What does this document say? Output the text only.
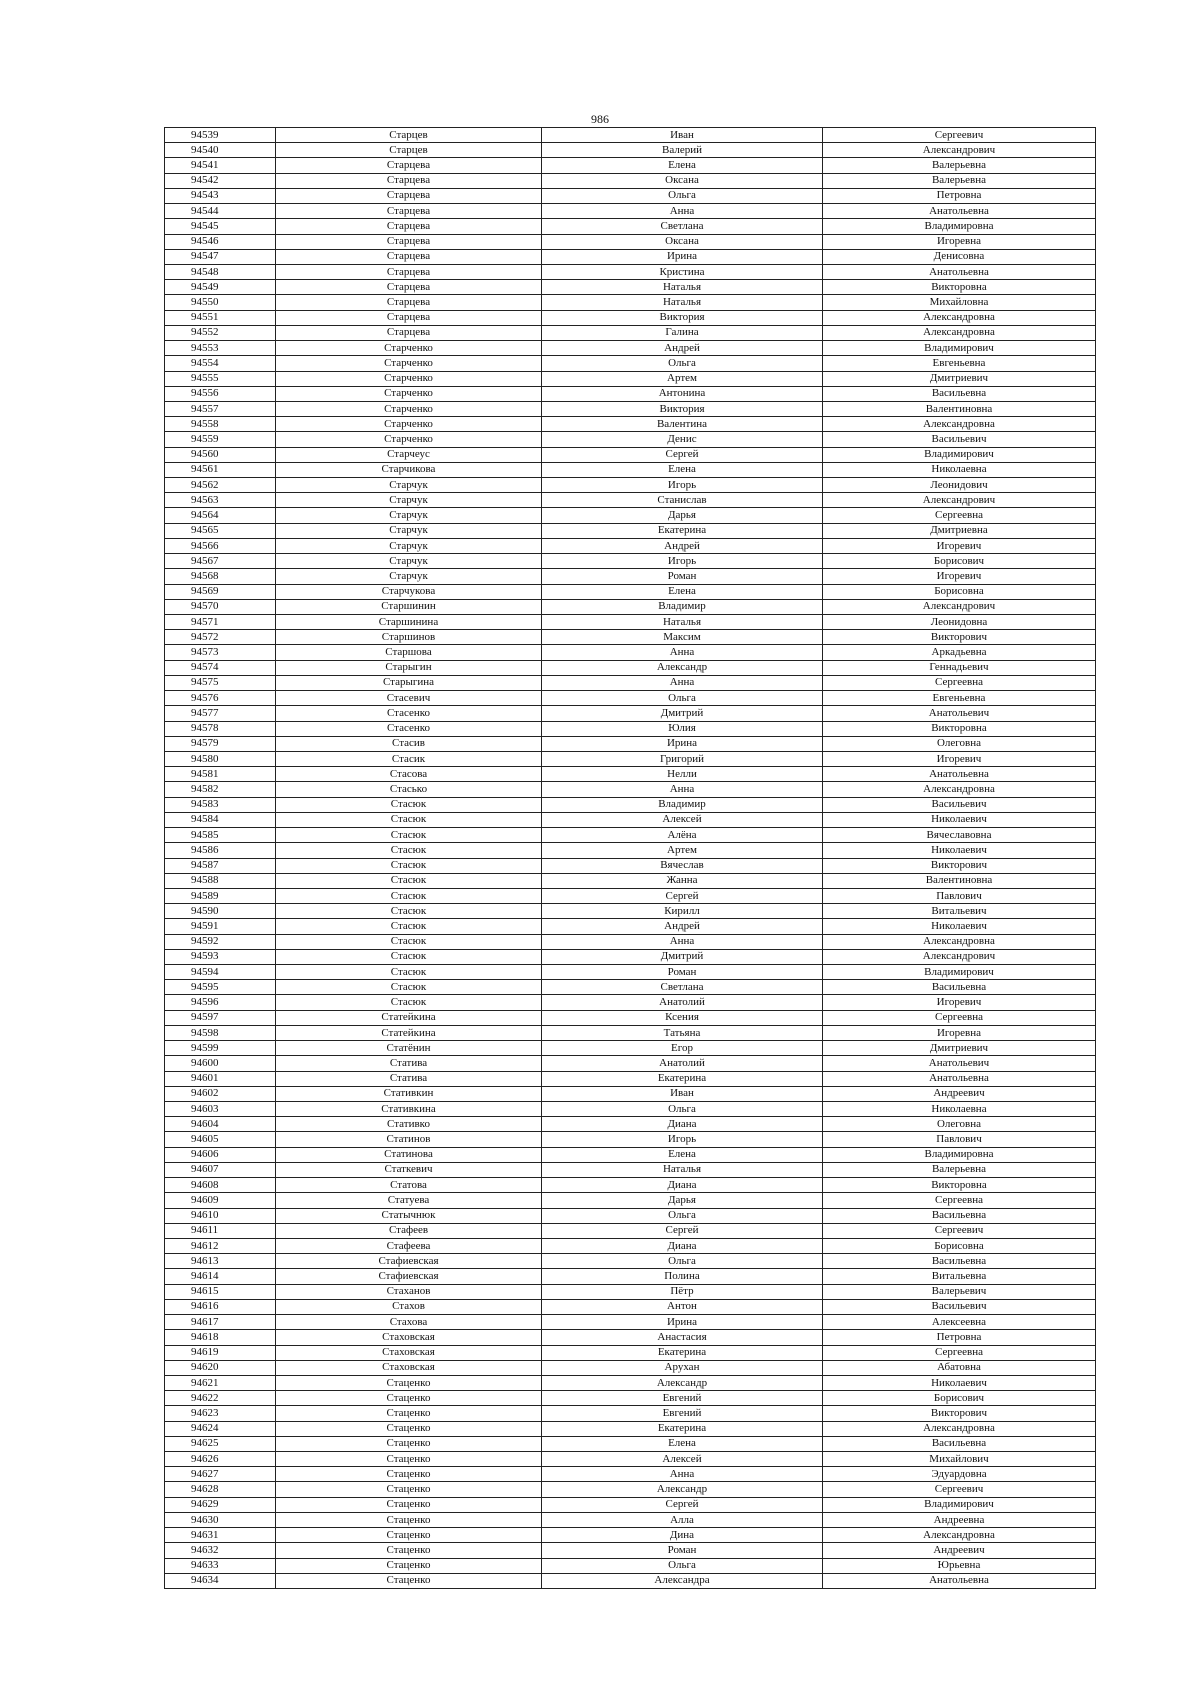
986
94539	Старцев	Иван	Сергеевич
94540	Старцев	Валерий	Александрович
94541	Старцева	Елена	Валерьевна
94542	Старцева	Оксана	Валерьевна
94543	Старцева	Ольга	Петровна
94544	Старцева	Анна	Анатольевна
94545	Старцева	Светлана	Владимировна
94546	Старцева	Оксана	Игоревна
94547	Старцева	Ирина	Денисовна
94548	Старцева	Кристина	Анатольевна
94549	Старцева	Наталья	Викторовна
94550	Старцева	Наталья	Михайловна
94551	Старцева	Виктория	Александровна
94552	Старцева	Галина	Александровна
94553	Старченко	Андрей	Владимирович
94554	Старченко	Ольга	Евгеньевна
94555	Старченко	Артем	Дмитриевич
94556	Старченко	Антонина	Васильевна
94557	Старченко	Виктория	Валентиновна
94558	Старченко	Валентина	Александровна
94559	Старченко	Денис	Васильевич
94560	Старчеус	Сергей	Владимирович
94561	Старчикова	Елена	Николаевна
94562	Старчук	Игорь	Леонидович
94563	Старчук	Станислав	Александрович
94564	Старчук	Дарья	Сергеевна
94565	Старчук	Екатерина	Дмитриевна
94566	Старчук	Андрей	Игоревич
94567	Старчук	Игорь	Борисович
94568	Старчук	Роман	Игоревич
94569	Старчукова	Елена	Борисовна
94570	Старшинин	Владимир	Александрович
94571	Старшинина	Наталья	Леонидовна
94572	Старшинов	Максим	Викторович
94573	Старшова	Анна	Аркадьевна
94574	Старыгин	Александр	Геннадьевич
94575	Старыгина	Анна	Сергеевна
94576	Стасевич	Ольга	Евгеньевна
94577	Стасенко	Дмитрий	Анатольевич
94578	Стасенко	Юлия	Викторовна
94579	Стасив	Ирина	Олеговна
94580	Стасик	Григорий	Игоревич
94581	Стасова	Нелли	Анатольевна
94582	Стасько	Анна	Александровна
94583	Стасюк	Владимир	Васильевич
94584	Стасюк	Алексей	Николаевич
94585	Стасюк	Алёна	Вячеславовна
94586	Стасюк	Артем	Николаевич
94587	Стасюк	Вячеслав	Викторович
94588	Стасюк	Жанна	Валентиновна
94589	Стасюк	Сергей	Павлович
94590	Стасюк	Кирилл	Витальевич
94591	Стасюк	Андрей	Николаевич
94592	Стасюк	Анна	Александровна
94593	Стасюк	Дмитрий	Александрович
94594	Стасюк	Роман	Владимирович
94595	Стасюк	Светлана	Васильевна
94596	Стасюк	Анатолий	Игоревич
94597	Статейкина	Ксения	Сергеевна
94598	Статейкина	Татьяна	Игоревна
94599	Статёнин	Егор	Дмитриевич
94600	Статива	Анатолий	Анатольевич
94601	Статива	Екатерина	Анатольевна
94602	Стативкин	Иван	Андреевич
94603	Стативкина	Ольга	Николаевна
94604	Стативко	Диана	Олеговна
94605	Статинов	Игорь	Павлович
94606	Статинова	Елена	Владимировна
94607	Статкевич	Наталья	Валерьевна
94608	Статова	Диана	Викторовна
94609	Статуева	Дарья	Сергеевна
94610	Статычнюк	Ольга	Васильевна
94611	Стафеев	Сергей	Сергеевич
94612	Стафеева	Диана	Борисовна
94613	Стафиевская	Ольга	Васильевна
94614	Стафиевская	Полина	Витальевна
94615	Стаханов	Пётр	Валерьевич
94616	Стахов	Антон	Васильевич
94617	Стахова	Ирина	Алексеевна
94618	Стаховская	Анастасия	Петровна
94619	Стаховская	Екатерина	Сергеевна
94620	Стаховская	Арухан	Абатовна
94621	Стаценко	Александр	Николаевич
94622	Стаценко	Евгений	Борисович
94623	Стаценко	Евгений	Викторович
94624	Стаценко	Екатерина	Александровна
94625	Стаценко	Елена	Васильевна
94626	Стаценко	Алексей	Михайлович
94627	Стаценко	Анна	Эдуардовна
94628	Стаценко	Александр	Сергеевич
94629	Стаценко	Сергей	Владимирович
94630	Стаценко	Алла	Андреевна
94631	Стаценко	Дина	Александровна
94632	Стаценко	Роман	Андреевич
94633	Стаценко	Ольга	Юрьевна
94634	Стаценко	Александра	Анатольевна
